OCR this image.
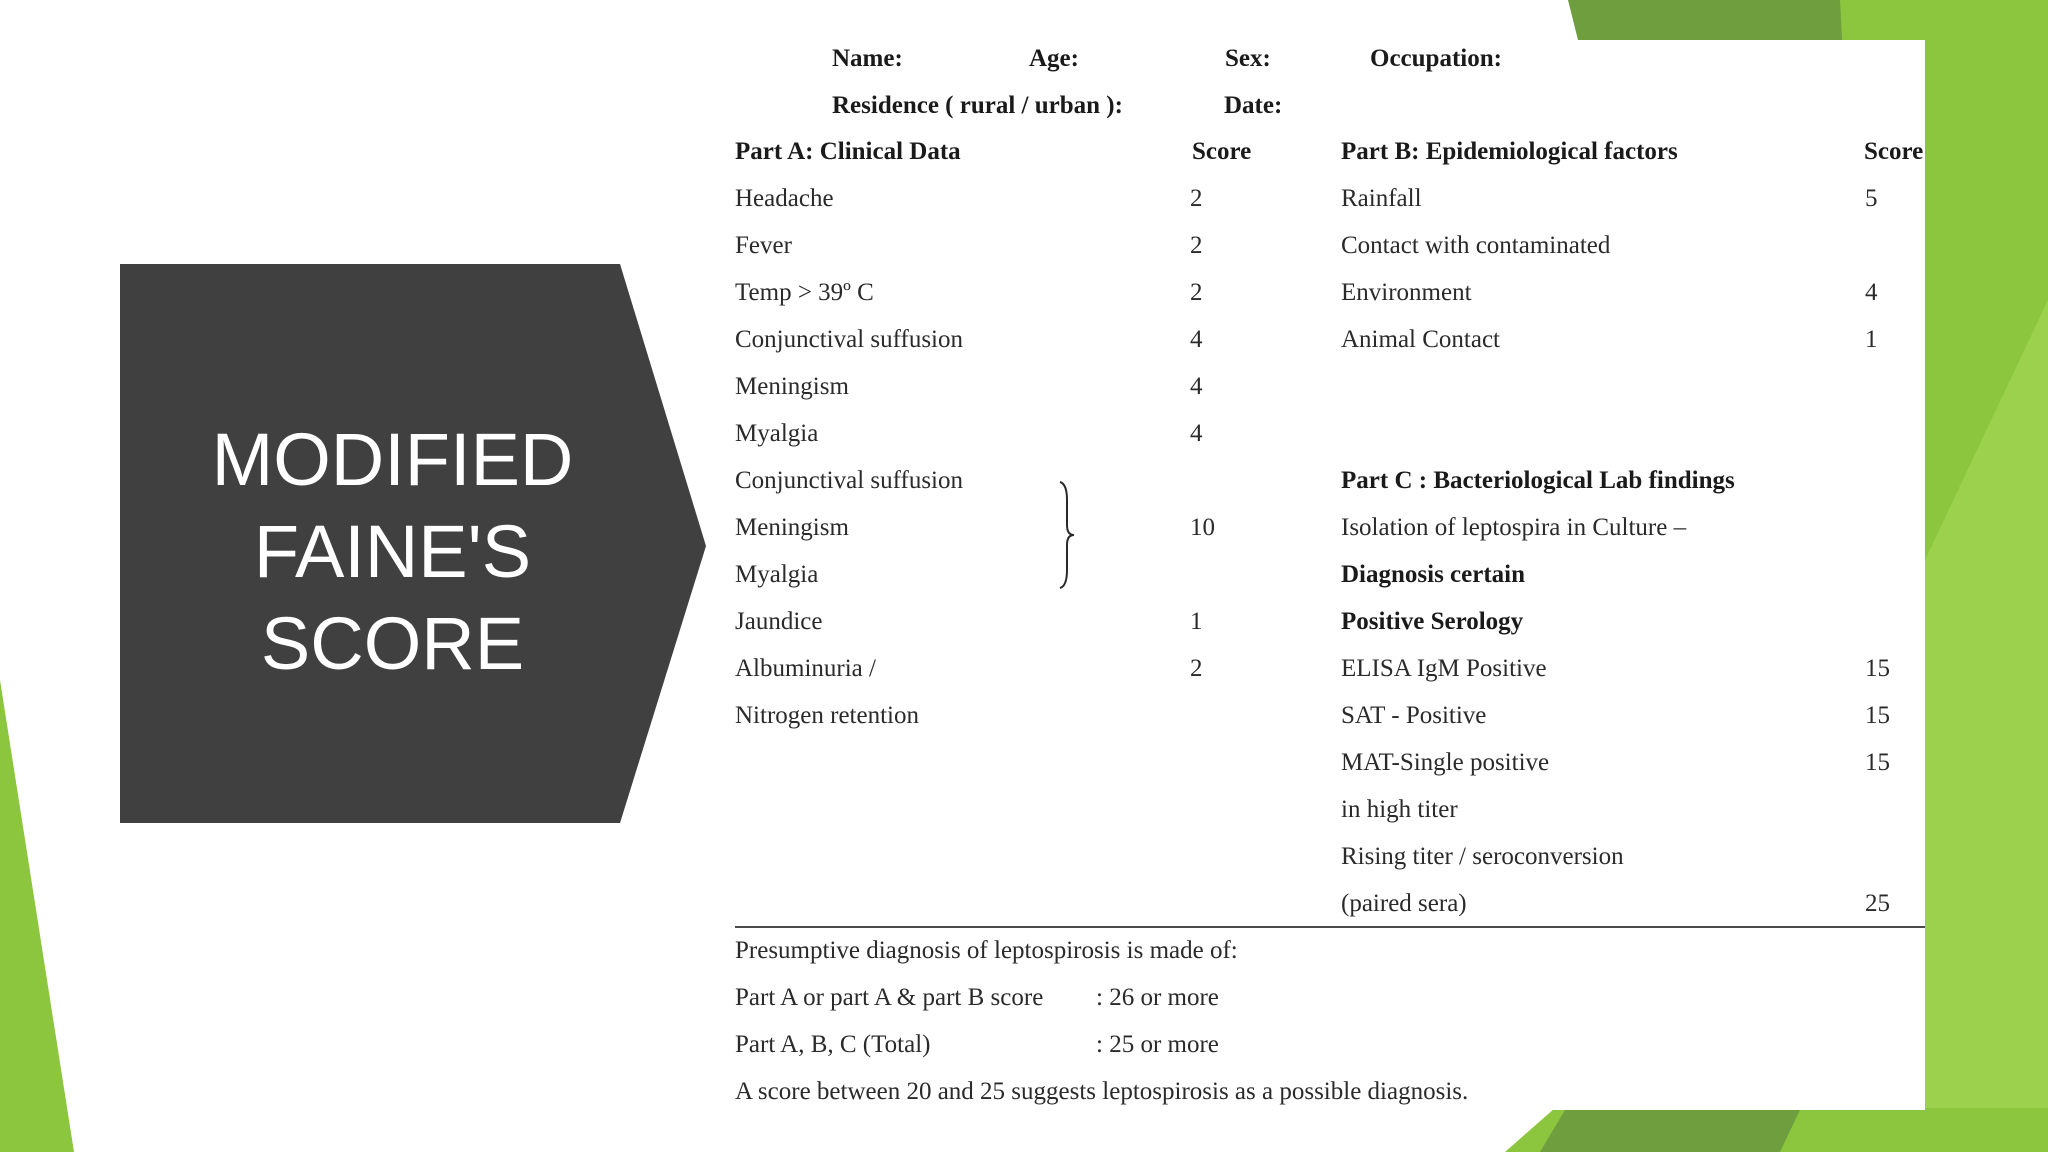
MODIFIED
FAINE'S
SCORE
Name:	Age:	Sex:	Occupation:
Residence ( rural / urban ):	Date:
Part A: Clinical Data	Score
Headache	2
Fever	2
Temp > 39º C	2
Conjunctival suffusion	4
Meningism	4
Myalgia	4
Conjunctival suffusion
Meningism	10
Myalgia
Jaundice	1
Albuminuria /	2
Nitrogen retention
Part B: Epidemiological factors	Score
Rainfall	5
Contact with contaminated
Environment	4
Animal Contact	1
Part C : Bacteriological Lab findings
Isolation of leptospira in Culture –
Diagnosis certain
Positive Serology
ELISA IgM Positive	15
SAT - Positive	15
MAT-Single positive	15
in high titer
Rising titer / seroconversion
(paired sera)	25
Presumptive diagnosis of leptospirosis is made of:
Part A or part A & part B score : 26 or more
Part A, B, C (Total)	: 25 or more
A score between 20 and 25 suggests leptospirosis as a possible diagnosis.
